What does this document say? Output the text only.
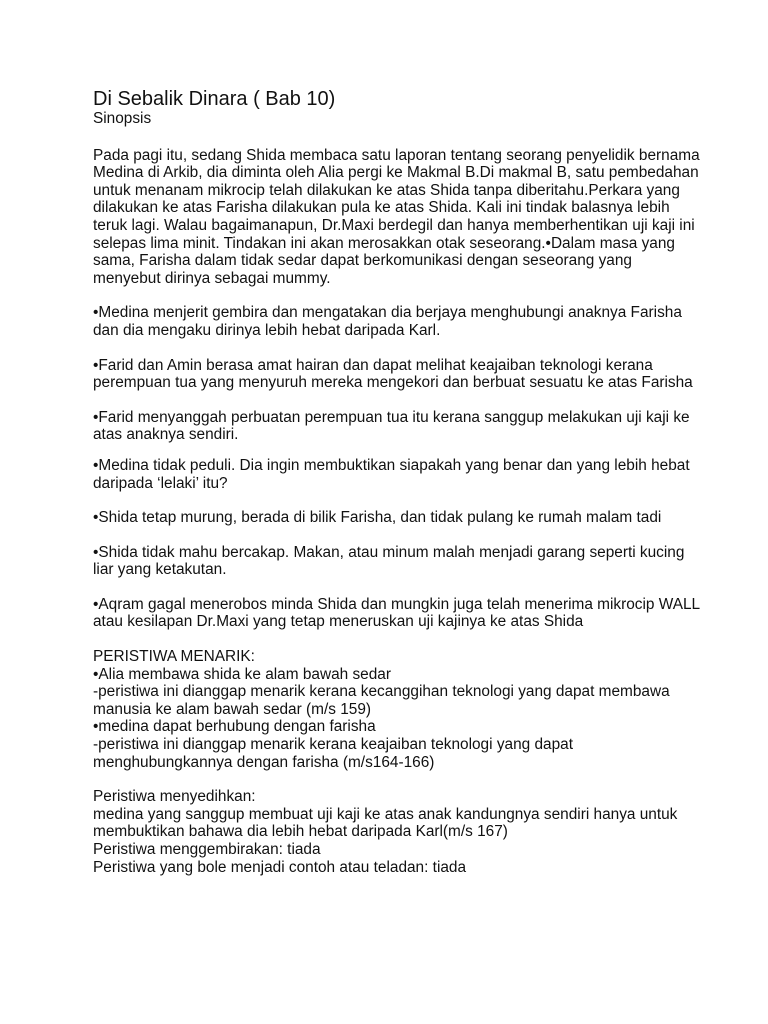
Di Sebalik Dinara ( Bab 10)

Sinopsis

Pada pagi itu, sedang Shida membaca satu laporan tentang seorang penyelidik bernama Medina di Arkib, dia diminta oleh Alia pergi ke Makmal B.Di makmal B, satu pembedahan untuk menanam mikrocip telah dilakukan ke atas Shida tanpa diberitahu.Perkara yang dilakukan ke atas Farisha dilakukan pula ke atas Shida. Kali ini tindak balasnya lebih teruk lagi. Walau bagaimanapun, Dr.Maxi berdegil dan hanya memberhentikan uji kaji ini selepas lima minit. Tindakan ini akan merosakkan otak seseorang.•Dalam masa yang sama, Farisha dalam tidak sedar dapat berkomunikasi dengan seseorang yang menyebut dirinya sebagai mummy.

•Medina menjerit gembira dan mengatakan dia berjaya menghubungi anaknya Farisha dan dia mengaku dirinya lebih hebat daripada Karl.

•Farid dan Amin berasa amat hairan dan dapat melihat keajaiban teknologi kerana perempuan tua yang menyuruh mereka mengekori dan berbuat sesuatu ke atas Farisha

•Farid menyanggah perbuatan perempuan tua itu kerana sanggup melakukan uji kaji ke atas anaknya sendiri.

•Medina tidak peduli. Dia ingin membuktikan siapakah yang benar dan yang lebih hebat daripada ‘lelaki’ itu?

•Shida tetap murung, berada di bilik Farisha, dan tidak pulang ke rumah malam tadi

•Shida tidak mahu bercakap. Makan, atau minum malah menjadi garang seperti kucing liar yang ketakutan.

•Aqram gagal menerobos minda Shida dan mungkin juga telah menerima mikrocip WALL atau kesilapan Dr.Maxi yang tetap meneruskan uji kajinya ke atas Shida

PERISTIWA MENARIK:

•Alia membawa shida ke alam bawah sedar

-peristiwa ini dianggap menarik kerana kecanggihan teknologi yang dapat membawa manusia ke alam bawah sedar (m/s 159)

•medina dapat berhubung dengan farisha

-peristiwa ini dianggap menarik kerana keajaiban teknologi yang dapat menghubungkannya dengan farisha (m/s164-166)

Peristiwa menyedihkan:

medina yang sanggup membuat uji kaji ke atas anak kandungnya sendiri hanya untuk membuktikan bahawa dia lebih hebat daripada Karl(m/s 167)

Peristiwa menggembirakan: tiada

Peristiwa yang bole menjadi contoh atau teladan: tiada
